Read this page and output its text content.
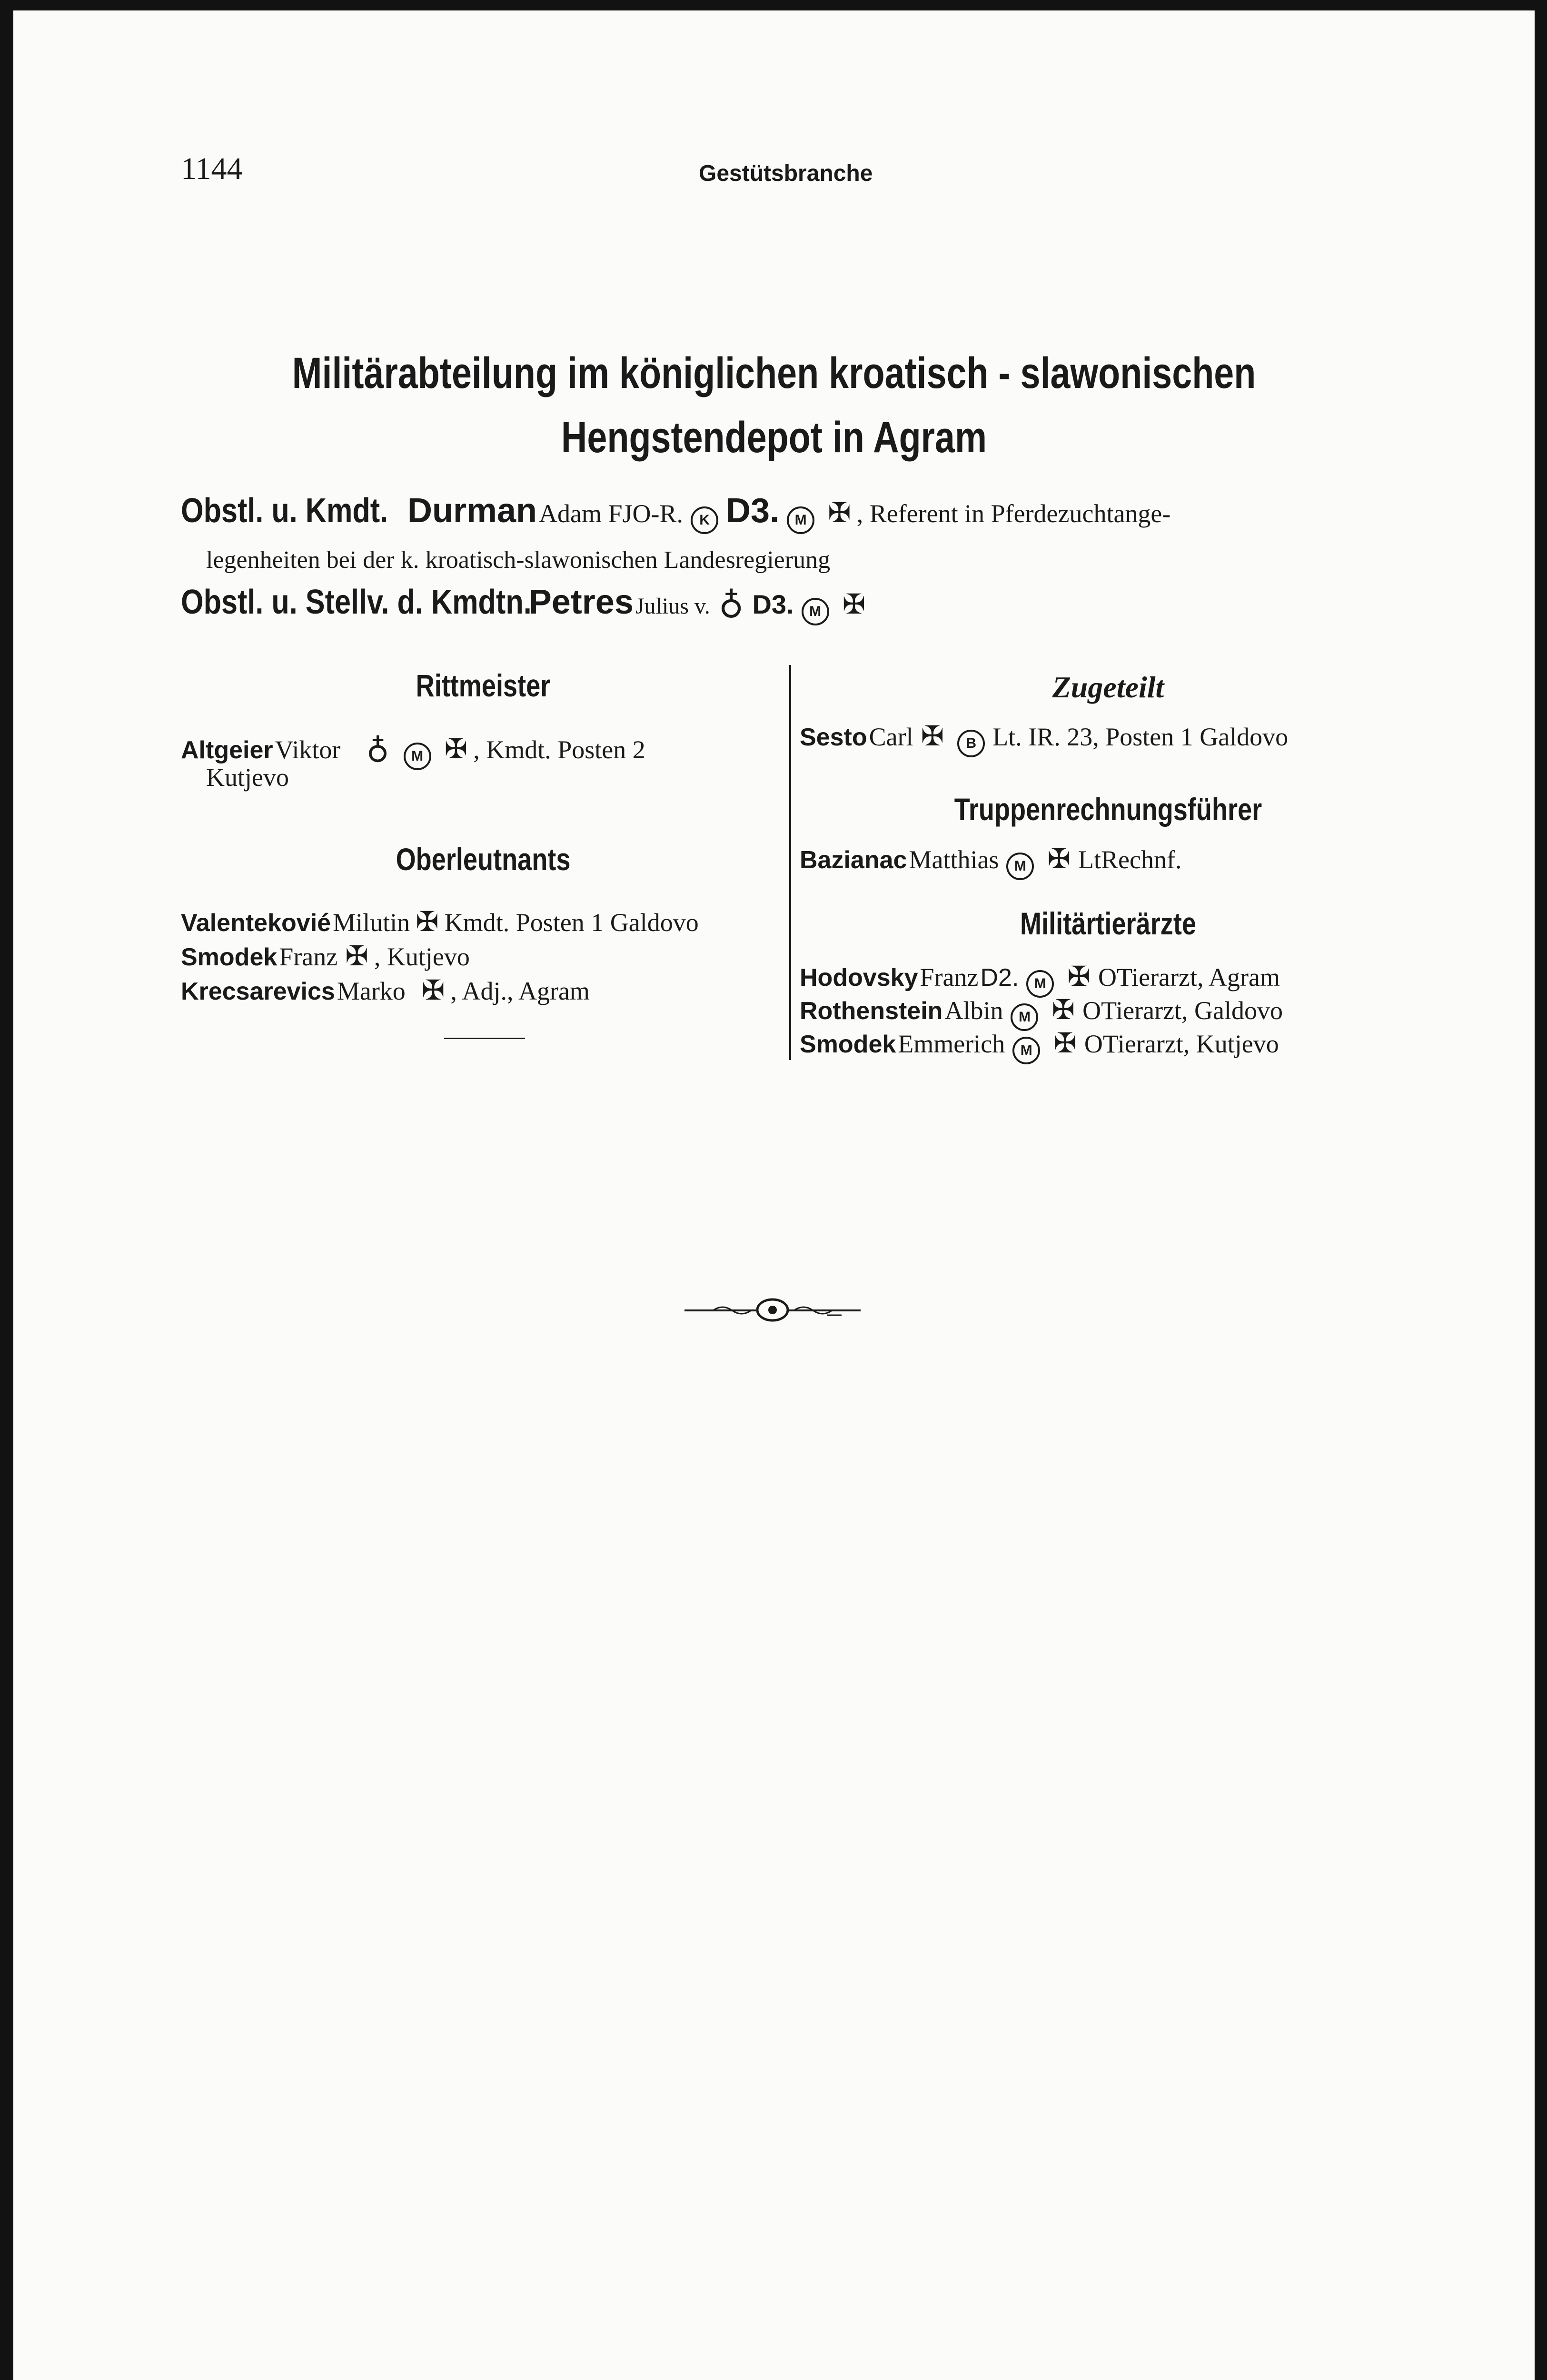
1144	Gestütsbranche
Militärabteilung im königlichen kroatisch - slawonischen
Hengstendepot in Agram
Obstl. u. Kmdt. Durman Adam FJO-R. K D3. M ✠ , Referent in Pferdezuchtange-
legenheiten bei der k. kroatisch-slawonischen Landesregierung
Obstl. u. Stellv. d. Kmdtn. Petres Julius v. ♁ D3. M ✠
Rittmeister
Altgeier Viktor ♁ M ✠ , Kmdt. Posten 2
Kutjevo
Oberleutnants
Valentekovié Milutin ✠ Kmdt. Posten 1 Galdovo
Smodek Franz ✠ , Kutjevo
Krecsarevics Marko ✠ , Adj., Agram
Zugeteilt
Sesto Carl ✠ B Lt. IR. 23, Posten 1 Galdovo
Truppenrechnungsführer
Bazianac Matthias M ✠ LtRechnf.
Militärtierärzte
Hodovsky Franz D2. M ✠ OTierarzt, Agram
Rothenstein Albin M ✠ OTierarzt, Galdovo
Smodek Emmerich M ✠ OTierarzt, Kutjevo
